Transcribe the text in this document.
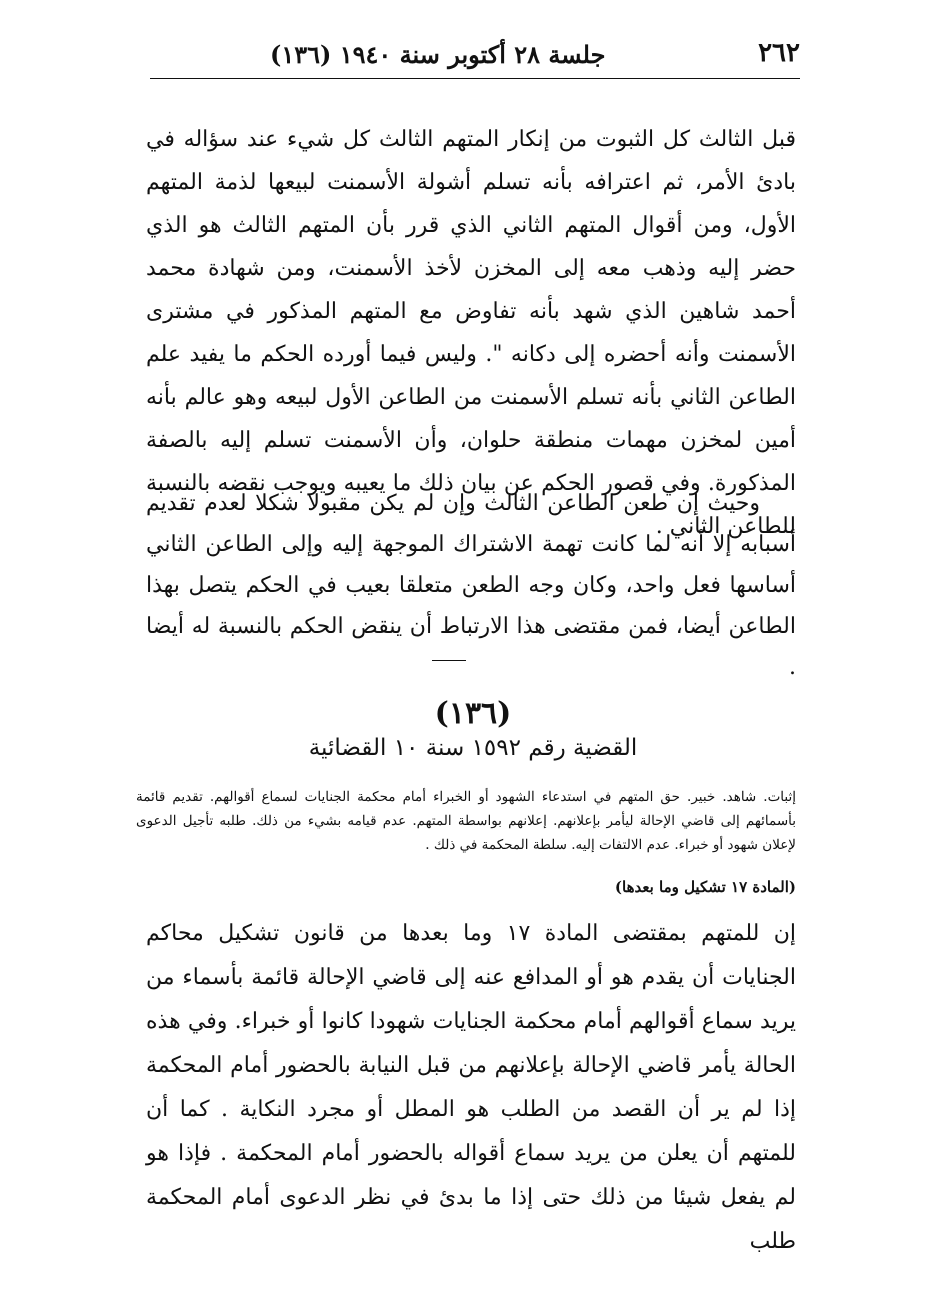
٢٦٢
جلسة ٢٨ أكتوبر سنة ١٩٤٠ (١٣٦)
قبل الثالث كل الثبوت من إنكار المتهم الثالث كل شيء عند سؤاله في بادئ الأمر، ثم اعترافه بأنه تسلم أشولة الأسمنت لبيعها لذمة المتهم الأول، ومن أقوال المتهم الثاني الذي قرر بأن المتهم الثالث هو الذي حضر إليه وذهب معه إلى المخزن لأخذ الأسمنت، ومن شهادة محمد أحمد شاهين الذي شهد بأنه تفاوض مع المتهم المذكور في مشترى الأسمنت وأنه أحضره إلى دكانه ". وليس فيما أورده الحكم ما يفيد علم الطاعن الثاني بأنه تسلم الأسمنت من الطاعن الأول لبيعه وهو عالم بأنه أمين لمخزن مهمات منطقة حلوان، وأن الأسمنت تسلم إليه بالصفة المذكورة. وفي قصور الحكم عن بيان ذلك ما يعيبه ويوجب نقضه بالنسبة للطاعن الثاني .
وحيث إن طعن الطاعن الثالث وإن لم يكن مقبولا شكلا لعدم تقديم أسبابه إلا أنه لما كانت تهمة الاشتراك الموجهة إليه وإلى الطاعن الثاني أساسها فعل واحد، وكان وجه الطعن متعلقا بعيب في الحكم يتصل بهذا الطاعن أيضا، فمن مقتضى هذا الارتباط أن ينقض الحكم بالنسبة له أيضا .
(١٣٦)
القضية رقم ١٥٩٢ سنة ١٠ القضائية
إثبات. شاهد. خبير. حق المتهم في استدعاء الشهود أو الخبراء أمام محكمة الجنايات لسماع أقوالهم. تقديم قائمة بأسمائهم إلى قاضي الإحالة ليأمر بإعلانهم. إعلانهم بواسطة المتهم. عدم قيامه بشيء من ذلك. طلبه تأجيل الدعوى لإعلان شهود أو خبراء. عدم الالتفات إليه. سلطة المحكمة في ذلك .
(المادة ١٧ تشكيل وما بعدها)
إن للمتهم بمقتضى المادة ١٧ وما بعدها من قانون تشكيل محاكم الجنايات أن يقدم هو أو المدافع عنه إلى قاضي الإحالة قائمة بأسماء من يريد سماع أقوالهم أمام محكمة الجنايات شهودا كانوا أو خبراء. وفي هذه الحالة يأمر قاضي الإحالة بإعلانهم من قبل النيابة بالحضور أمام المحكمة إذا لم ير أن القصد من الطلب هو المطل أو مجرد النكاية . كما أن للمتهم أن يعلن من يريد سماع أقواله بالحضور أمام المحكمة . فإذا هو لم يفعل شيئا من ذلك حتى إذا ما بدئ في نظر الدعوى أمام المحكمة طلب
